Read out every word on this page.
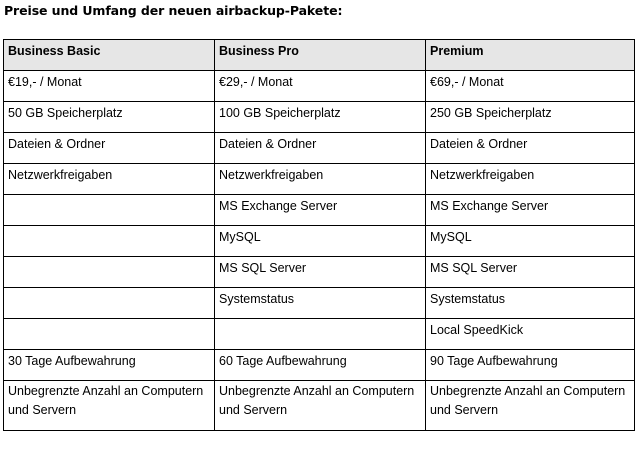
Preise und Umfang der neuen airbackup-Pakete:
Business Basic	Business Pro	Premium
€19,- / Monat	€29,- / Monat	€69,- / Monat
50 GB Speicherplatz	100 GB Speicherplatz	250 GB Speicherplatz
Dateien & Ordner	Dateien & Ordner	Dateien & Ordner
Netzwerkfreigaben	Netzwerkfreigaben	Netzwerkfreigaben
	MS Exchange Server	MS Exchange Server
	MySQL	MySQL
	MS SQL Server	MS SQL Server
	Systemstatus	Systemstatus
		Local SpeedKick
30 Tage Aufbewahrung	60 Tage Aufbewahrung	90 Tage Aufbewahrung
Unbegrenzte Anzahl an Computern und Servern	Unbegrenzte Anzahl an Computern und Servern	Unbegrenzte Anzahl an Computern und Servern
